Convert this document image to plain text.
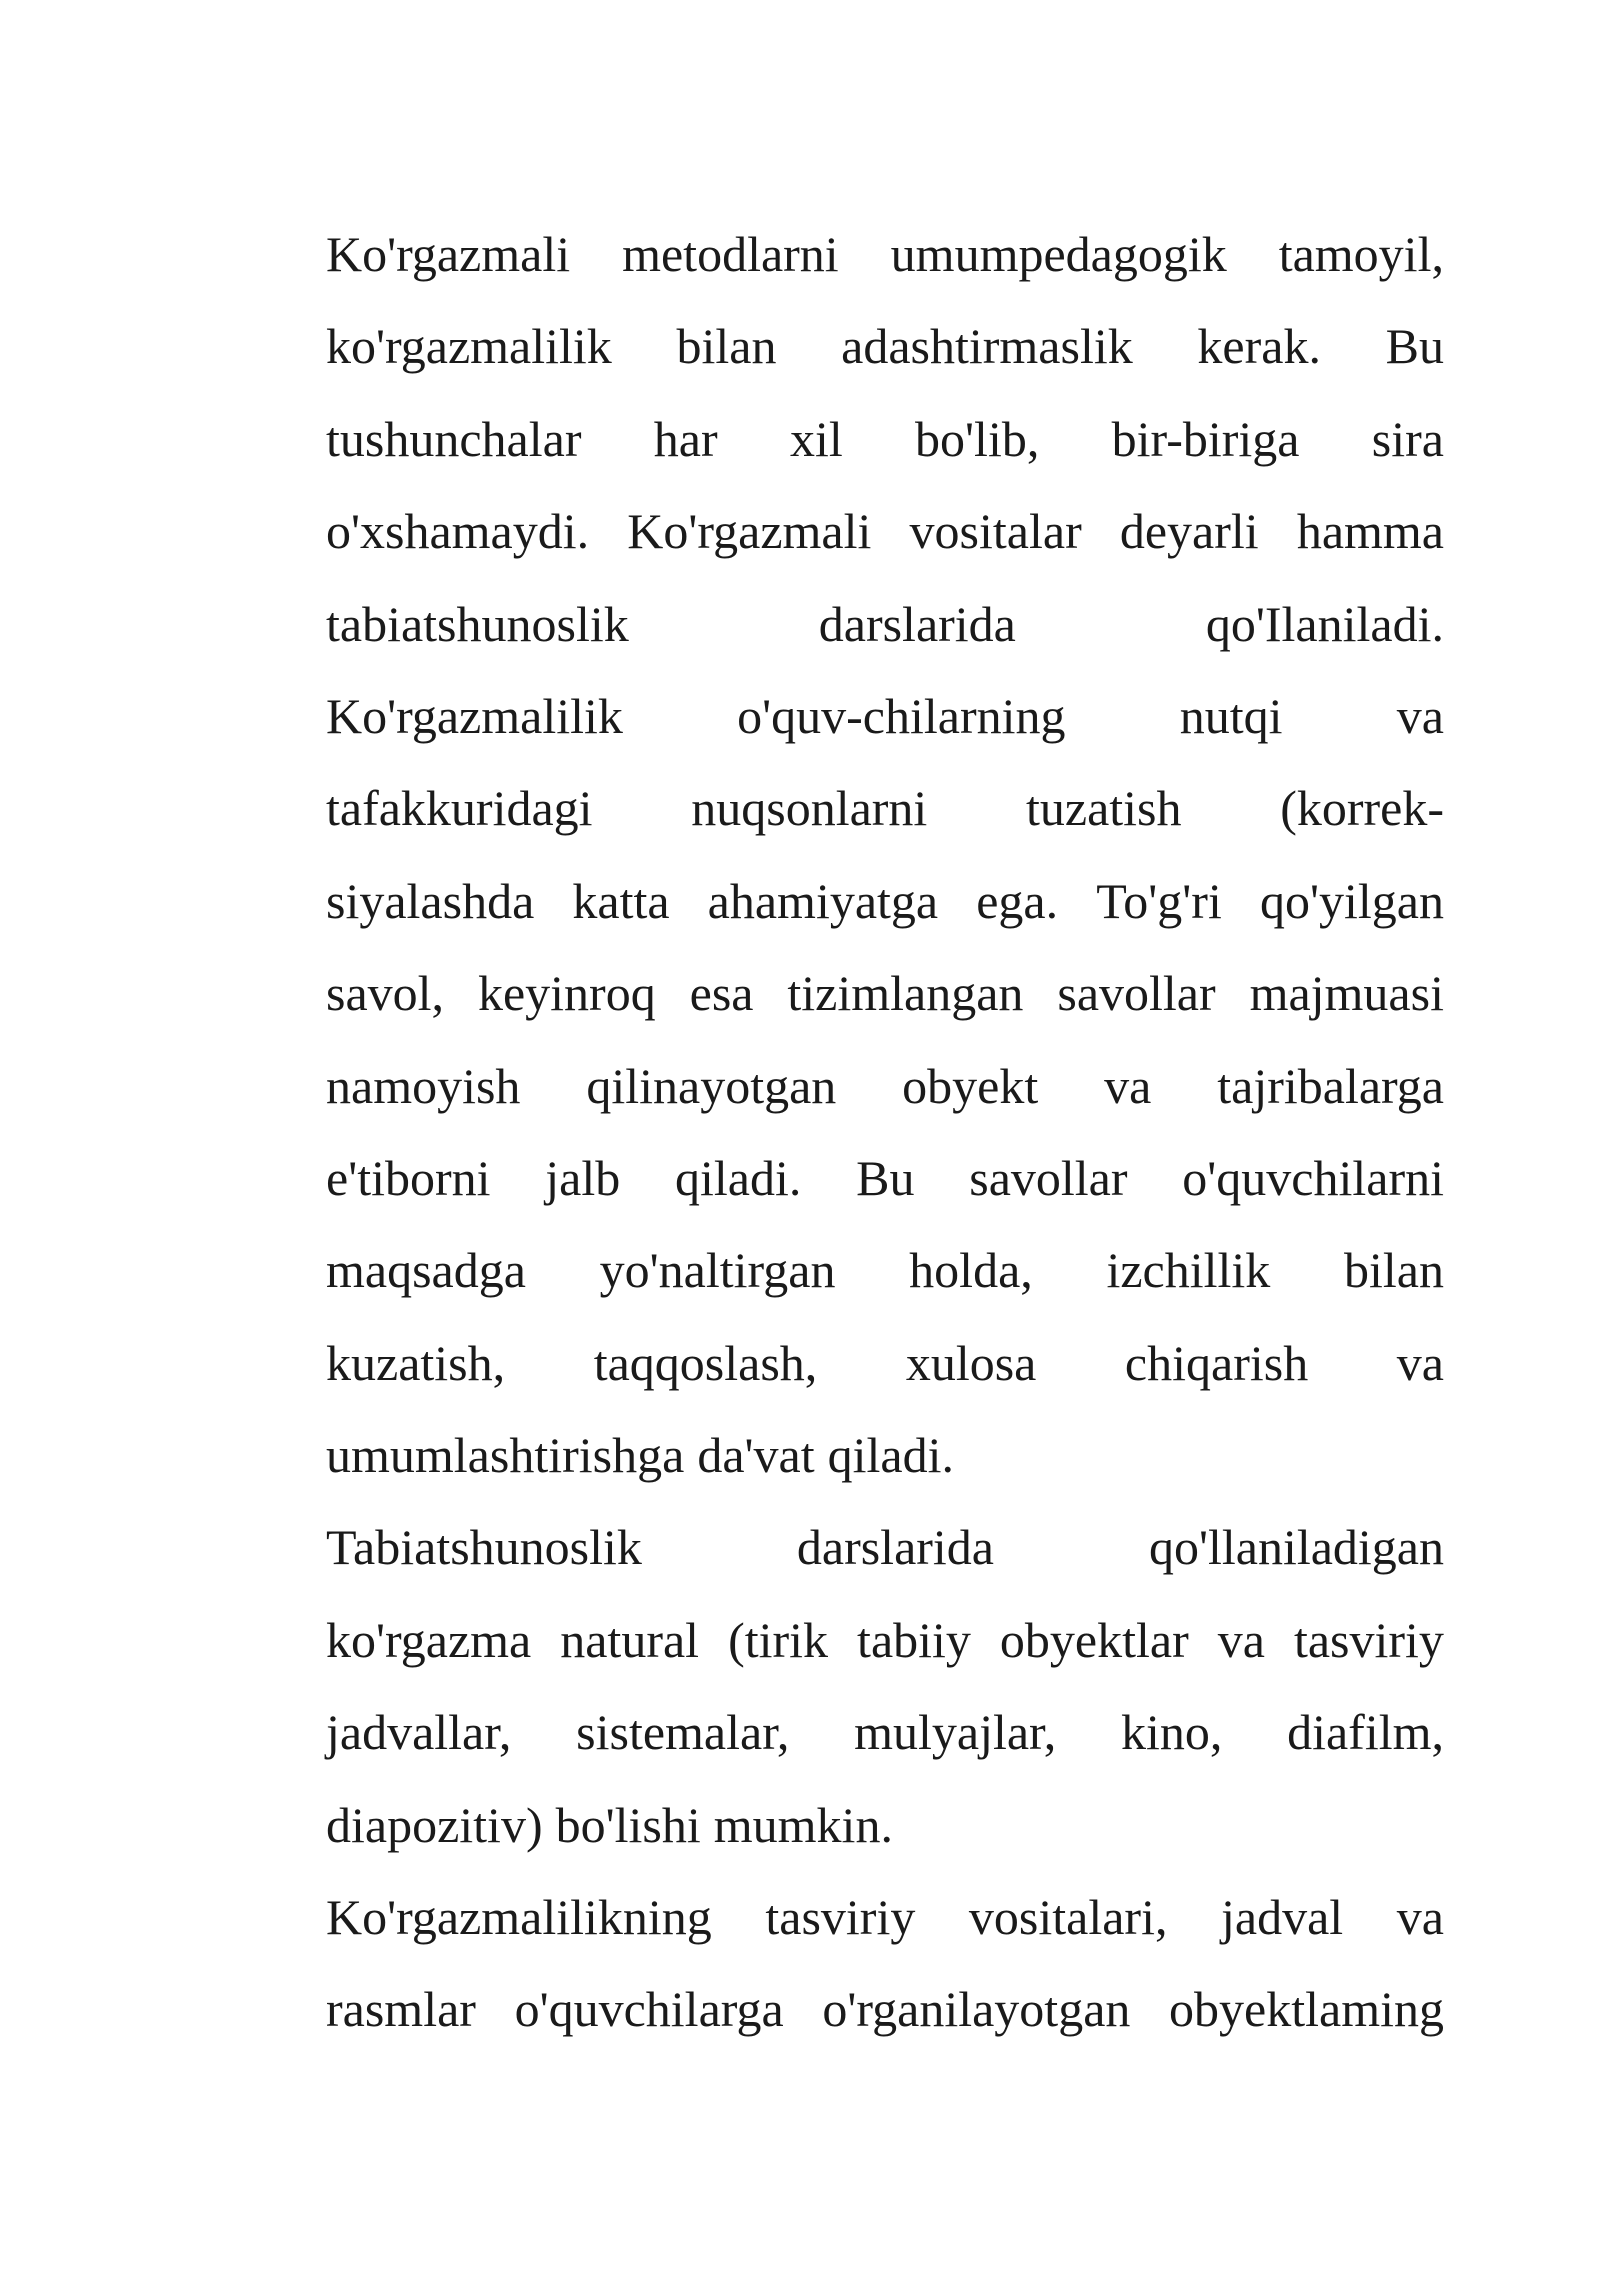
Ko'rgazmali metodlarni umumpedagogik tamoyil,
ko'rgazmalilik bilan adashtirmaslik kerak. Bu
tushunchalar har xil bo'lib, bir-biriga sira
o'xshamaydi. Ko'rgazmali vositalar deyarli hamma
tabiatshunoslik	darslarida	qo'Ilaniladi.
Ko'rgazmalilik o'quv-chilarning nutqi va
tafakkuridagi nuqsonlarni tuzatish (korrek-
siyalashda katta ahamiyatga ega. To'g'ri qo'yilgan
savol, keyinroq esa tizimlangan savollar majmuasi
namoyish qilinayotgan obyekt va tajribalarga
e'tiborni jalb qiladi. Bu savollar o'quvchilarni
maqsadga yo'naltirgan holda, izchillik bilan
kuzatish, taqqoslash, xulosa chiqarish va
umumlashtirishga da'vat qiladi.
Tabiatshunoslik	darslarida	qo'llaniladigan
ko'rgazma natural (tirik tabiiy obyektlar va tasviriy
jadvallar, sistemalar, mulyajlar, kino, diafilm,
diapozitiv) bo'lishi mumkin.
Ko'rgazmalilikning tasviriy vositalari, jadval va
rasmlar o'quvchilarga o'rganilayotgan obyektlaming
